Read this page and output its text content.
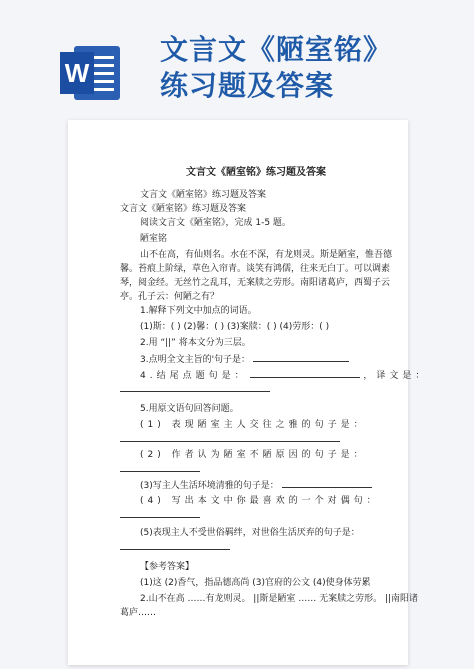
W
文言文《陋室铭》
练习题及答案
文言文《陋室铭》练习题及答案
文言文《陋室铭》练习题及答案
文言文《陋室铭》练习题及答案
阅读文言文《陋室铭》，完成 1-5 题。
陋室铭
山不在高，有仙则名。水在不深，有龙则灵。斯是陋室，惟吾德
馨。苔痕上阶绿，草色入帘青。谈笑有鸿儒，往来无白丁。可以调素
琴，阅金经。无丝竹之乱耳，无案牍之劳形。南阳诸葛庐，西蜀子云
亭。孔子云：何陋之有？
1.解释下列文中加点的词语。
(1)斯：( ) (2)馨：( ) (3)案牍：( ) (4)劳形：( )
2.用 “||” 将本文分为三层。
3.点明全文主旨的'句子是：
4.结尾点题句是：	，译文是：
5.用原文语句回答问题。
(1) 表现陋室主人交往之雅的句子是：
(2) 作者认为陋室不陋原因的句子是：
(3)写主人生活环境清雅的句子是：
(4) 写出本文中你最喜欢的一个对偶句：
(5)表现主人不受世俗羁绊，对世俗生活厌弃的句子是：
【参考答案】
(1)这 (2)香气，指品德高尚 (3)官府的公文 (4)使身体劳累
2.山不在高 ……有龙则灵。 ||斯是陋室 …… 无案牍之劳形。 ||南阳诸
葛庐……
